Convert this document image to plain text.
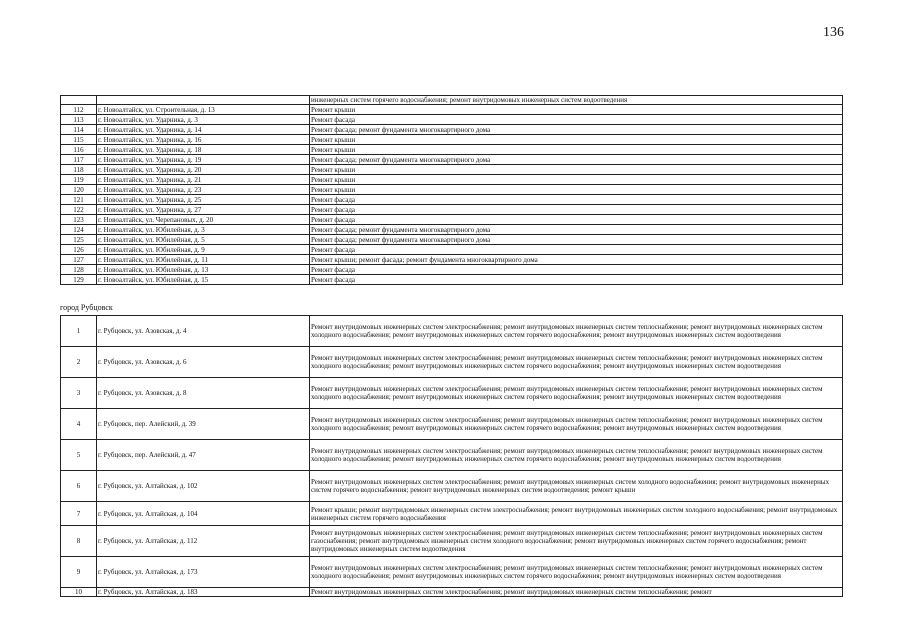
136
		инженерных систем горячего водоснабжения; ремонт внутридомовых инженерных систем водоотведения
112	г. Новоалтайск, ул. Строительная, д. 13	Ремонт крыши
113	г. Новоалтайск, ул. Ударника, д. 3	Ремонт фасада
114	г. Новоалтайск, ул. Ударника, д. 14	Ремонт фасада; ремонт фундамента многоквартирного дома
115	г. Новоалтайск, ул. Ударника, д. 16	Ремонт крыши
116	г. Новоалтайск, ул. Ударника, д. 18	Ремонт крыши
117	г. Новоалтайск, ул. Ударника, д. 19	Ремонт фасада; ремонт фундамента многоквартирного дома
118	г. Новоалтайск, ул. Ударника, д. 20	Ремонт крыши
119	г. Новоалтайск, ул. Ударника, д. 21	Ремонт крыши
120	г. Новоалтайск, ул. Ударника, д. 23	Ремонт крыши
121	г. Новоалтайск, ул. Ударника, д. 25	Ремонт фасада
122	г. Новоалтайск, ул. Ударника, д. 27	Ремонт фасада
123	г. Новоалтайск, ул. Черепановых, д. 20	Ремонт фасада
124	г. Новоалтайск, ул. Юбилейная, д. 3	Ремонт фасада; ремонт фундамента многоквартирного дома
125	г. Новоалтайск, ул. Юбилейная, д. 5	Ремонт фасада; ремонт фундамента многоквартирного дома
126	г. Новоалтайск, ул. Юбилейная, д. 9	Ремонт фасада
127	г. Новоалтайск, ул. Юбилейная, д. 11	Ремонт крыши; ремонт фасада; ремонт фундамента многоквартирного дома
128	г. Новоалтайск, ул. Юбилейная, д. 13	Ремонт фасада
129	г. Новоалтайск, ул. Юбилейная, д. 15	Ремонт фасада
город Рубцовск
1	г. Рубцовск, ул. Азовская, д. 4	Ремонт внутридомовых инженерных систем электроснабжения; ремонт внутридомовых инженерных систем теплоснабжения; ремонт внутридомовых инженерных систем холодного водоснабжения; ремонт внутридомовых инженерных систем горячего водоснабжения; ремонт внутридомовых инженерных систем водоотведения
2	г. Рубцовск, ул. Азовская, д. 6	Ремонт внутридомовых инженерных систем электроснабжения; ремонт внутридомовых инженерных систем теплоснабжения; ремонт внутридомовых инженерных систем холодного водоснабжения; ремонт внутридомовых инженерных систем горячего водоснабжения; ремонт внутридомовых инженерных систем водоотведения
3	г. Рубцовск, ул. Азовская, д. 8	Ремонт внутридомовых инженерных систем электроснабжения; ремонт внутридомовых инженерных систем теплоснабжения; ремонт внутридомовых инженерных систем холодного водоснабжения; ремонт внутридомовых инженерных систем горячего водоснабжения; ремонт внутридомовых инженерных систем водоотведения
4	г. Рубцовск, пер. Алейский, д. 39	Ремонт внутридомовых инженерных систем электроснабжения; ремонт внутридомовых инженерных систем теплоснабжения; ремонт внутридомовых инженерных систем холодного водоснабжения; ремонт внутридомовых инженерных систем горячего водоснабжения; ремонт внутридомовых инженерных систем водоотведения
5	г. Рубцовск, пер. Алейский, д. 47	Ремонт внутридомовых инженерных систем электроснабжения; ремонт внутридомовых инженерных систем теплоснабжения; ремонт внутридомовых инженерных систем холодного водоснабжения; ремонт внутридомовых инженерных систем горячего водоснабжения; ремонт внутридомовых инженерных систем водоотведения
6	г. Рубцовск, ул. Алтайская, д. 102	Ремонт внутридомовых инженерных систем электроснабжения; ремонт внутридомовых инженерных систем холодного водоснабжения; ремонт внутридомовых инженерных систем горячего водоснабжения; ремонт внутридомовых инженерных систем водоотведения; ремонт крыши
7	г. Рубцовск, ул. Алтайская, д. 104	Ремонт крыши; ремонт внутридомовых инженерных систем электроснабжения; ремонт внутридомовых инженерных систем холодного водоснабжения; ремонт внутридомовых инженерных систем горячего водоснабжения
8	г. Рубцовск, ул. Алтайская, д. 112	Ремонт внутридомовых инженерных систем электроснабжения; ремонт внутридомовых инженерных систем теплоснабжения; ремонт внутридомовых инженерных систем газоснабжения; ремонт внутридомовых инженерных систем холодного водоснабжения; ремонт внутридомовых инженерных систем горячего водоснабжения; ремонт внутридомовых инженерных систем водоотведения
9	г. Рубцовск, ул. Алтайская, д. 173	Ремонт внутридомовых инженерных систем электроснабжения; ремонт внутридомовых инженерных систем теплоснабжения; ремонт внутридомовых инженерных систем холодного водоснабжения; ремонт внутридомовых инженерных систем горячего водоснабжения; ремонт внутридомовых инженерных систем водоотведения
10	г. Рубцовск, ул. Алтайская, д. 183	Ремонт внутридомовых инженерных систем электроснабжения; ремонт внутридомовых инженерных систем теплоснабжения; ремонт
